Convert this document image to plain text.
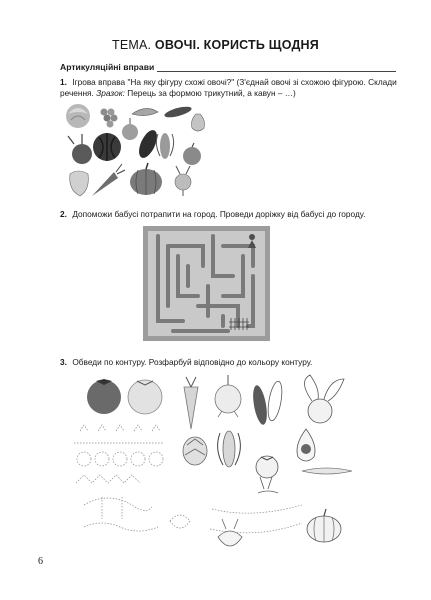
ТЕМА. ОВОЧІ. КОРИСТЬ ЩОДНЯ
Артикуляційні вправи
1. Ігрова вправа "На яку фігуру схожі овочі?" (З'єднай овочі зі схожою фігурою. Склади речення. Зразок: Перець за формою трикутний, а кавун – …)
2. Допоможи бабусі потрапити на город. Проведи доріжку від бабусі до городу.
3. Обведи по контуру. Розфарбуй відповідно до кольору контуру.
6
